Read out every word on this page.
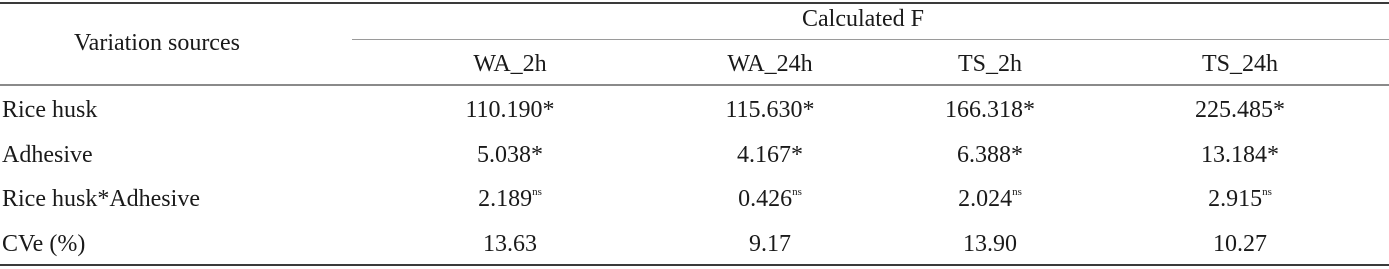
Variation sources
Calculated F
WA_2h	WA_24h	TS_2h	TS_24h
Rice husk	110.190*	115.630*	166.318*	225.485*
Adhesive	5.038*	4.167*	6.388*	13.184*
Rice husk*Adhesive	$2.189^{ns}$	$0.426^{ns}$	$2.024^{ns}$	$2.915^{ns}$
CVe (%)	13.63	9.17	13.90	10.27
